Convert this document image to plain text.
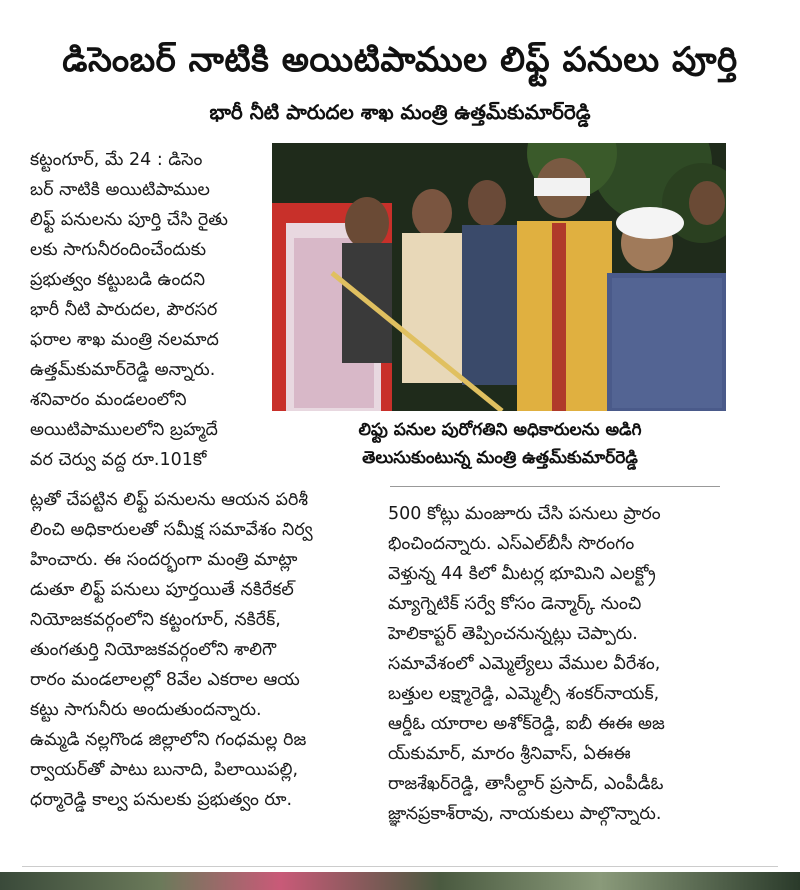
డిసెంబర్ నాటికి అయిటిపాముల లిఫ్ట్ పనులు పూర్తి
భారీ నీటి పారుదల శాఖ మంత్రి ఉత్తమ్‌కుమార్‌రెడ్డి

కట్టంగూర్, మే 24 : డిసెం

బర్ నాటికి అయిటిపాముల

లిఫ్ట్ పనులను పూర్తి చేసి రైతు

లకు సాగునీరందించేందుకు

ప్రభుత్వం కట్టుబడి ఉందని

భారీ నీటి పారుదల, పౌరసర

ఫరాల శాఖ మంత్రి నలమాద

ఉత్తమ్‌కుమార్‌రెడ్డి అన్నారు.

శనివారం మండలంలోని

అయిటిపాములలోని బ్రహ్మదే

వర చెర్వు వద్ద రూ.101కో

లిఫ్టు పనుల పురోగతిని అధికారులను అడిగి

తెలుసుకుంటున్న మంత్రి ఉత్తమ్‌కుమార్‌రెడ్డి

ట్లతో చేపట్టిన లిఫ్ట్ పనులను ఆయన పరిశీ

లించి అధికారులతో సమీక్ష సమావేశం నిర్వ

హించారు. ఈ సందర్భంగా మంత్రి మాట్లా

డుతూ లిఫ్ట్ పనులు పూర్తయితే నకిరేకల్

నియోజకవర్గంలోని కట్టంగూర్, నకిరేక్,

తుంగతుర్తి నియోజకవర్గంలోని శాలిగౌ

రారం మండలాలల్లో 8వేల ఎకరాల ఆయ

కట్టు సాగునీరు అందుతుందన్నారు.

ఉమ్మడి నల్లగొండ జిల్లాలోని గంధమల్ల రిజ

ర్వాయర్‌తో పాటు బునాది, పిలాయిపల్లి,

ధర్మారెడ్డి కాల్వ పనులకు ప్రభుత్వం రూ.

500 కోట్లు మంజూరు చేసి పనులు ప్రారం

భించిందన్నారు. ఎస్ఎల్‌బీసీ సొరంగం

వెళ్తున్న 44 కిలో మీటర్ల భూమిని ఎలక్ట్రో

మ్యాగ్నెటిక్ సర్వే కోసం డెన్మార్క్ నుంచి

హెలికాప్టర్ తెప్పించనున్నట్లు చెప్పారు.

సమావేశంలో ఎమ్మెల్యేలు వేముల వీరేశం,

బత్తుల లక్ష్మారెడ్డి, ఎమ్మెల్సీ శంకర్‌నాయక్,

ఆర్డీఓ యారాల అశోక్‌రెడ్డి, ఐబీ ఈఈ అజ

య్‌కుమార్, మారం శ్రీనివాస్, ఏఈఈ

రాజశేఖర్‌రెడ్డి, తాసీల్దార్ ప్రసాద్, ఎంపీడీఓ

జ్ఞానప్రకాశ్‌రావు, నాయకులు పాల్గొన్నారు.
